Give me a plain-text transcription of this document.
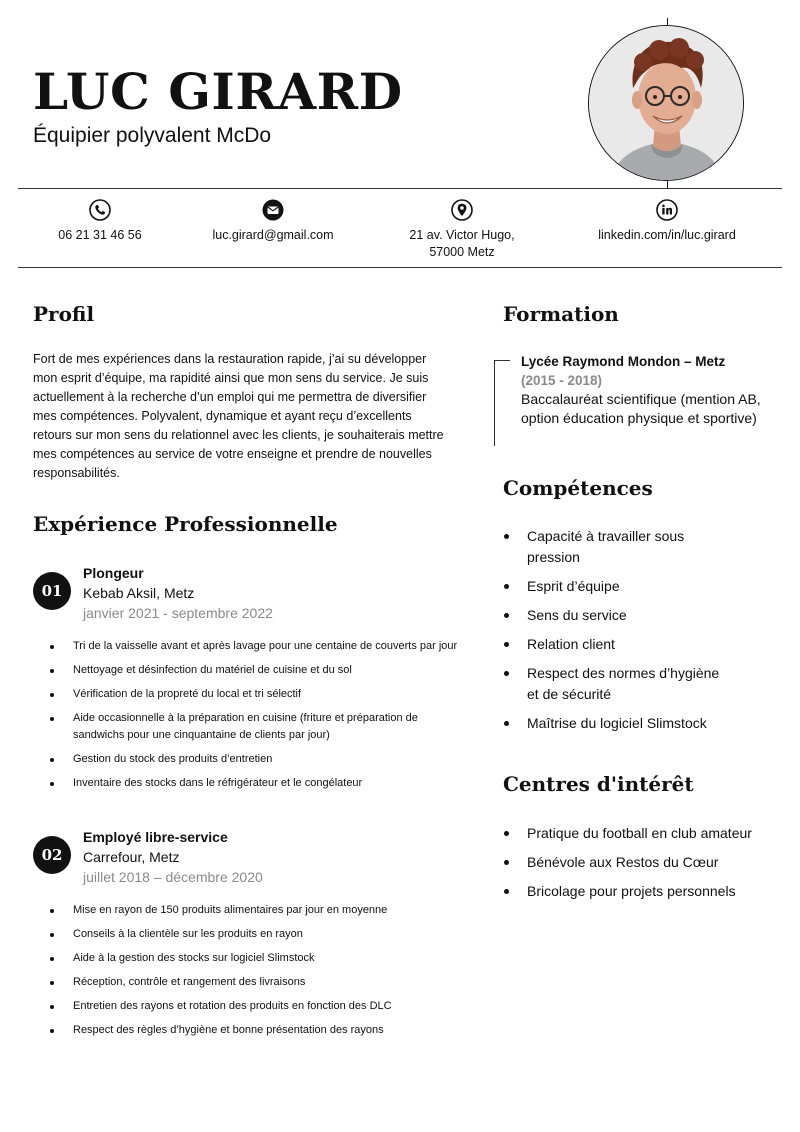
LUC GIRARD
Équipier polyvalent McDo
06 21 31 46 56	luc.girard@gmail.com	21 av. Victor Hugo,
57000 Metz
linkedin.com/in/luc.girard
Profil

Fort de mes expériences dans la restauration rapide, j’ai su développer mon esprit d’équipe, ma rapidité ainsi que mon sens du service. Je suis actuellement à la recherche d’un emploi qui me permettra de diversifier mes compétences. Polyvalent, dynamique et ayant reçu d’excellents retours sur mon sens du relationnel avec les clients, je souhaiterais mettre mes compétences au service de votre enseigne et prendre de nouvelles responsabilités.

Expérience Professionnelle
01
Plongeur
Kebab Aksil, Metz
janvier 2021 - septembre 2022
Tri de la vaisselle avant et après lavage pour une centaine de couverts par jour
Nettoyage et désinfection du matériel de cuisine et du sol
Vérification de la propreté du local et tri sélectif
Aide occasionnelle à la préparation en cuisine (friture et préparation de sandwichs pour une cinquantaine de clients par jour)
Gestion du stock des produits d’entretien
Inventaire des stocks dans le réfrigérateur et le congélateur
02
Employé libre-service
Carrefour, Metz
juillet 2018 – décembre 2020
Mise en rayon de 150 produits alimentaires par jour en moyenne
Conseils à la clientèle sur les produits en rayon
Aide à la gestion des stocks sur logiciel Slimstock
Réception, contrôle et rangement des livraisons
Entretien des rayons et rotation des produits en fonction des DLC
Respect des règles d’hygiène et bonne présentation des rayons
Formation
Lycée Raymond Mondon – Metz
(2015 - 2018)
Baccalauréat scientifique (mention AB, option éducation physique et sportive)
Compétences
Capacité à travailler sous pression
Esprit d’équipe
Sens du service
Relation client
Respect des normes d’hygiène et de sécurité
Maîtrise du logiciel Slimstock
Centres d'intérêt
Pratique du football en club amateur
Bénévole aux Restos du Cœur
Bricolage pour projets personnels
